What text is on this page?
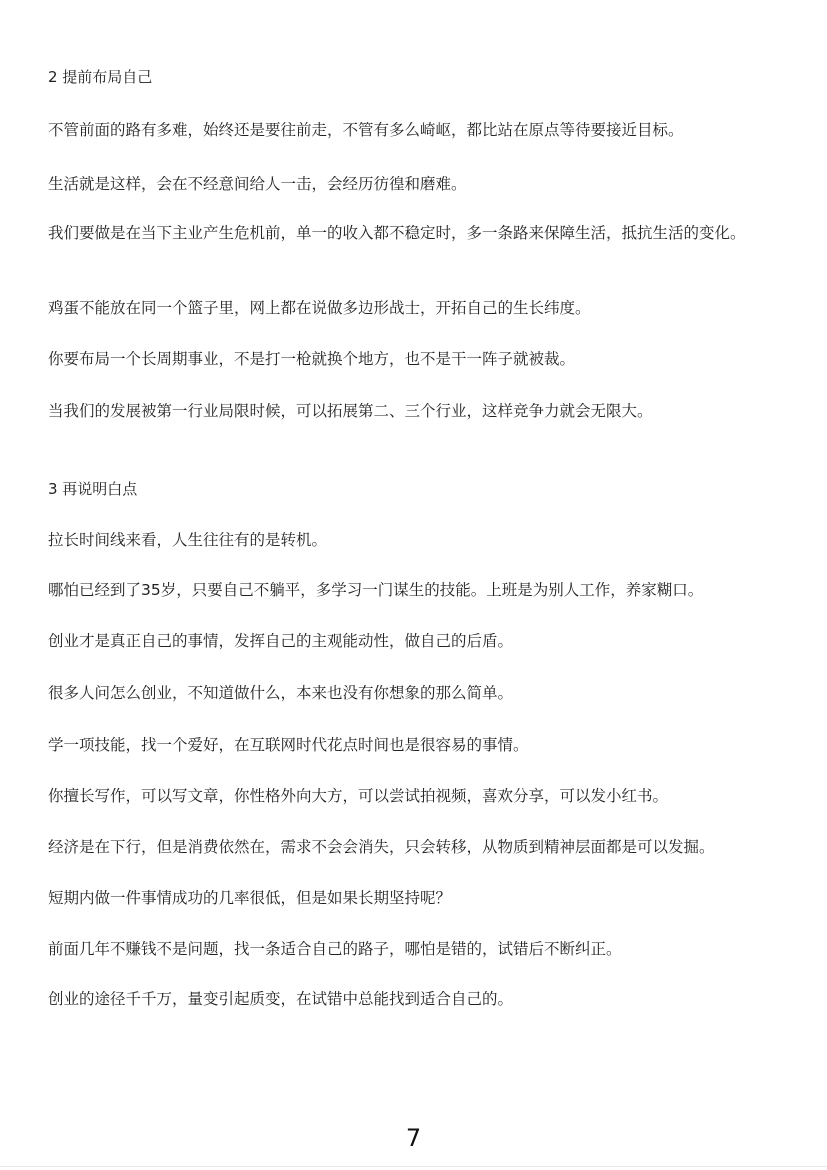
2 提前布局自己

不管前面的路有多难，始终还是要往前走，不管有多么崎岖，都比站在原点等待要接近目标。

生活就是这样，会在不经意间给人一击，会经历彷徨和磨难。

我们要做是在当下主业产生危机前，单一的收入都不稳定时，多一条路来保障生活，抵抗生活的变化。

鸡蛋不能放在同一个篮子里，网上都在说做多边形战士，开拓自己的生长纬度。

你要布局一个长周期事业，不是打一枪就换个地方，也不是干一阵子就被裁。

当我们的发展被第一行业局限时候，可以拓展第二、三个行业，这样竞争力就会无限大。

3 再说明白点

拉长时间线来看，人生往往有的是转机。

哪怕已经到了35岁，只要自己不躺平，多学习一门谋生的技能。上班是为别人工作，养家糊口。

创业才是真正自己的事情，发挥自己的主观能动性，做自己的后盾。

很多人问怎么创业，不知道做什么，本来也没有你想象的那么简单。

学一项技能，找一个爱好，在互联网时代花点时间也是很容易的事情。

你擅长写作，可以写文章，你性格外向大方，可以尝试拍视频，喜欢分享，可以发小红书。

经济是在下行，但是消费依然在，需求不会会消失，只会转移，从物质到精神层面都是可以发掘。

短期内做一件事情成功的几率很低，但是如果长期坚持呢？

前面几年不赚钱不是问题，找一条适合自己的路子，哪怕是错的，试错后不断纠正。

创业的途径千千万，量变引起质变，在试错中总能找到适合自己的。

7
